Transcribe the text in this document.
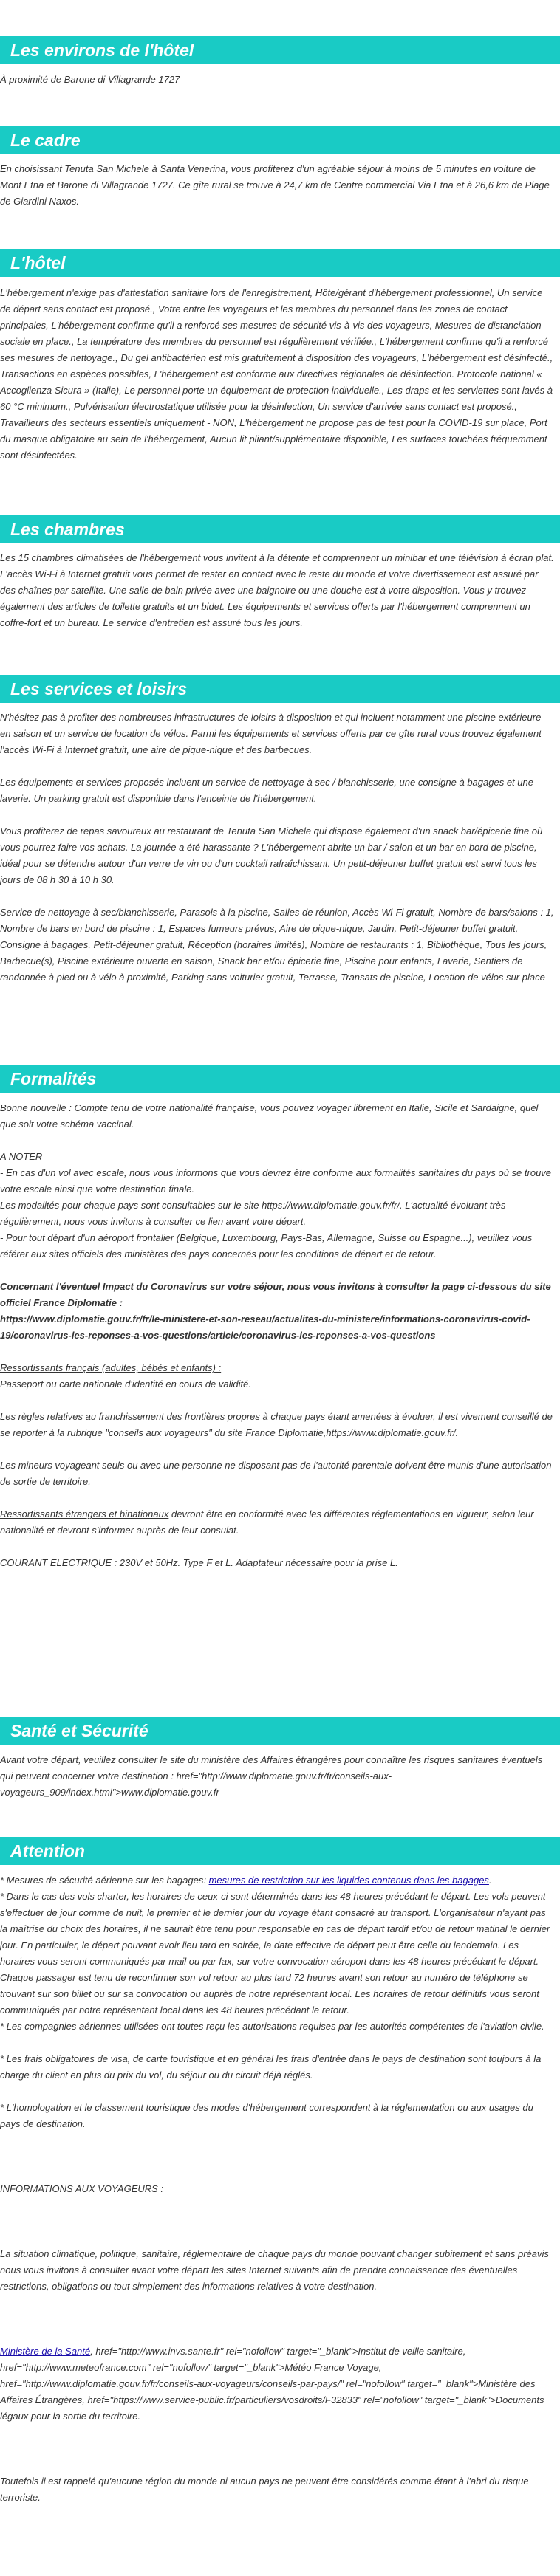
Les environs de l'hôtel
À proximité de Barone di Villagrande 1727
Le cadre
En choisissant Tenuta San Michele à Santa Venerina, vous profiterez d'un agréable séjour à moins de 5 minutes en voiture de Mont Etna et Barone di Villagrande 1727. Ce gîte rural se trouve à 24,7 km de Centre commercial Via Etna et à 26,6 km de Plage de Giardini Naxos.
L'hôtel
L'hébergement n'exige pas d'attestation sanitaire lors de l'enregistrement, Hôte/gérant d'hébergement professionnel, Un service de départ sans contact est proposé., Votre entre les voyageurs et les membres du personnel dans les zones de contact principales, L'hébergement confirme qu'il a renforcé ses mesures de sécurité vis-à-vis des voyageurs, Mesures de distanciation sociale en place., La température des membres du personnel est régulièrement vérifiée., L'hébergement confirme qu'il a renforcé ses mesures de nettoyage., Du gel antibactérien est mis gratuitement à disposition des voyageurs, L'hébergement est désinfecté., Transactions en espèces possibles, L'hébergement est conforme aux directives régionales de désinfection. Protocole national « Accoglienza Sicura » (Italie), Le personnel porte un équipement de protection individuelle., Les draps et les serviettes sont lavés à 60 °C minimum., Pulvérisation électrostatique utilisée pour la désinfection, Un service d'arrivée sans contact est proposé., Travailleurs des secteurs essentiels uniquement - NON, L'hébergement ne propose pas de test pour la COVID-19 sur place, Port du masque obligatoire au sein de l'hébergement, Aucun lit pliant/supplémentaire disponible, Les surfaces touchées fréquemment sont désinfectées.
Les chambres
Les 15 chambres climatisées de l'hébergement vous invitent à la détente et comprennent un minibar et une télévision à écran plat. L'accès Wi-Fi à Internet gratuit vous permet de rester en contact avec le reste du monde et votre divertissement est assuré par des chaînes par satellite. Une salle de bain privée avec une baignoire ou une douche est à votre disposition. Vous y trouvez également des articles de toilette gratuits et un bidet. Les équipements et services offerts par l'hébergement comprennent un coffre-fort et un bureau. Le service d'entretien est assuré tous les jours.
Les services et loisirs

N'hésitez pas à profiter des nombreuses infrastructures de loisirs à disposition et qui incluent notamment une piscine extérieure en saison et un service de location de vélos. Parmi les équipements et services offerts par ce gîte rural vous trouvez également l'accès Wi-Fi à Internet gratuit, une aire de pique-nique et des barbecues.

Les équipements et services proposés incluent un service de nettoyage à sec / blanchisserie, une consigne à bagages et une laverie. Un parking gratuit est disponible dans l'enceinte de l'hébergement.

Vous profiterez de repas savoureux au restaurant de Tenuta San Michele qui dispose également d'un snack bar/épicerie fine où vous pourrez faire vos achats. La journée a été harassante ? L'hébergement abrite un bar / salon et un bar en bord de piscine, idéal pour se détendre autour d'un verre de vin ou d'un cocktail rafraîchissant. Un petit-déjeuner buffet gratuit est servi tous les jours de 08 h 30 à 10 h 30.

Service de nettoyage à sec/blanchisserie, Parasols à la piscine, Salles de réunion, Accès Wi-Fi gratuit, Nombre de bars/salons : 1, Nombre de bars en bord de piscine : 1, Espaces fumeurs prévus, Aire de pique-nique, Jardin, Petit-déjeuner buffet gratuit, Consigne à bagages, Petit-déjeuner gratuit, Réception (horaires limités), Nombre de restaurants : 1, Bibliothèque, Tous les jours, Barbecue(s), Piscine extérieure ouverte en saison, Snack bar et/ou épicerie fine, Piscine pour enfants, Laverie, Sentiers de randonnée à pied ou à vélo à proximité, Parking sans voiturier gratuit, Terrasse, Transats de piscine, Location de vélos sur place

Formalités

Bonne nouvelle : Compte tenu de votre nationalité française, vous pouvez voyager librement en Italie, Sicile et Sardaigne, quel que soit votre schéma vaccinal.

A NOTER

- En cas d'un vol avec escale, nous vous informons que vous devrez être conforme aux formalités sanitaires du pays où se trouve votre escale ainsi que votre destination finale.

Les modalités pour chaque pays sont consultables sur le site https://www.diplomatie.gouv.fr/fr/. L'actualité évoluant très régulièrement, nous vous invitons à consulter ce lien avant votre départ.

- Pour tout départ d'un aéroport frontalier (Belgique, Luxembourg, Pays-Bas, Allemagne, Suisse ou Espagne...), veuillez vous référer aux sites officiels des ministères des pays concernés pour les conditions de départ et de retour.

Concernant l'éventuel Impact du Coronavirus sur votre séjour, nous vous invitons à consulter la page ci-dessous du site officiel France Diplomatie :
https://www.diplomatie.gouv.fr/fr/le-ministere-et-son-reseau/actualites-du-ministere/informations-coronavirus-covid-19/coronavirus-les-reponses-a-vos-questions/article/coronavirus-les-reponses-a-vos-questions

Ressortissants français (adultes, bébés et enfants) :
Passeport ou carte nationale d'identité en cours de validité.

Les règles relatives au franchissement des frontières propres à chaque pays étant amenées à évoluer, il est vivement conseillé de se reporter à la rubrique "conseils aux voyageurs" du site France Diplomatie,https://www.diplomatie.gouv.fr/.

Les mineurs voyageant seuls ou avec une personne ne disposant pas de l'autorité parentale doivent être munis d'une autorisation de sortie de territoire.

Ressortissants étrangers et binationaux devront être en conformité avec les différentes réglementations en vigueur, selon leur nationalité et devront s'informer auprès de leur consulat.

COURANT ELECTRIQUE : 230V et 50Hz. Type F et L. Adaptateur nécessaire pour la prise L.

Santé et Sécurité
Avant votre départ, veuillez consulter le site du ministère des Affaires étrangères pour connaître les risques sanitaires éventuels qui peuvent concerner votre destination : href="http://www.diplomatie.gouv.fr/fr/conseils-aux-voyageurs_909/index.html">www.diplomatie.gouv.fr
Attention

* Mesures de sécurité aérienne sur les bagages: mesures de restriction sur les liquides contenus dans les bagages.

* Dans le cas des vols charter, les horaires de ceux-ci sont déterminés dans les 48 heures précédant le départ. Les vols peuvent s'effectuer de jour comme de nuit, le premier et le dernier jour du voyage étant consacré au transport. L'organisateur n'ayant pas la maîtrise du choix des horaires, il ne saurait être tenu pour responsable en cas de départ tardif et/ou de retour matinal le dernier jour. En particulier, le départ pouvant avoir lieu tard en soirée, la date effective de départ peut être celle du lendemain. Les horaires vous seront communiqués par mail ou par fax, sur votre convocation aéroport dans les 48 heures précédant le départ. Chaque passager est tenu de reconfirmer son vol retour au plus tard 72 heures avant son retour au numéro de téléphone se trouvant sur son billet ou sur sa convocation ou auprès de notre représentant local. Les horaires de retour définitifs vous seront communiqués par notre représentant local dans les 48 heures précédant le retour.

* Les compagnies aériennes utilisées ont toutes reçu les autorisations requises par les autorités compétentes de l'aviation civile.

* Les frais obligatoires de visa, de carte touristique et en général les frais d'entrée dans le pays de destination sont toujours à la charge du client en plus du prix du vol, du séjour ou du circuit déjà réglés.

* L'homologation et le classement touristique des modes d'hébergement correspondent à la réglementation ou aux usages du pays de destination.

INFORMATIONS AUX VOYAGEURS :

La situation climatique, politique, sanitaire, réglementaire de chaque pays du monde pouvant changer subitement et sans préavis nous vous invitons à consulter avant votre départ les sites Internet suivants afin de prendre connaissance des éventuelles restrictions, obligations ou tout simplement des informations relatives à votre destination.

Ministère de la Santé, href="http://www.invs.sante.fr" rel="nofollow" target="_blank">Institut de veille sanitaire, href="http://www.meteofrance.com" rel="nofollow" target="_blank">Météo France Voyage, href="http://www.diplomatie.gouv.fr/fr/conseils-aux-voyageurs/conseils-par-pays/" rel="nofollow" target="_blank">Ministère des Affaires Étrangères, href="https://www.service-public.fr/particuliers/vosdroits/F32833" rel="nofollow" target="_blank">Documents légaux pour la sortie du territoire.

Toutefois il est rappelé qu'aucune région du monde ni aucun pays ne peuvent être considérés comme étant à l'abri du risque terroriste.
